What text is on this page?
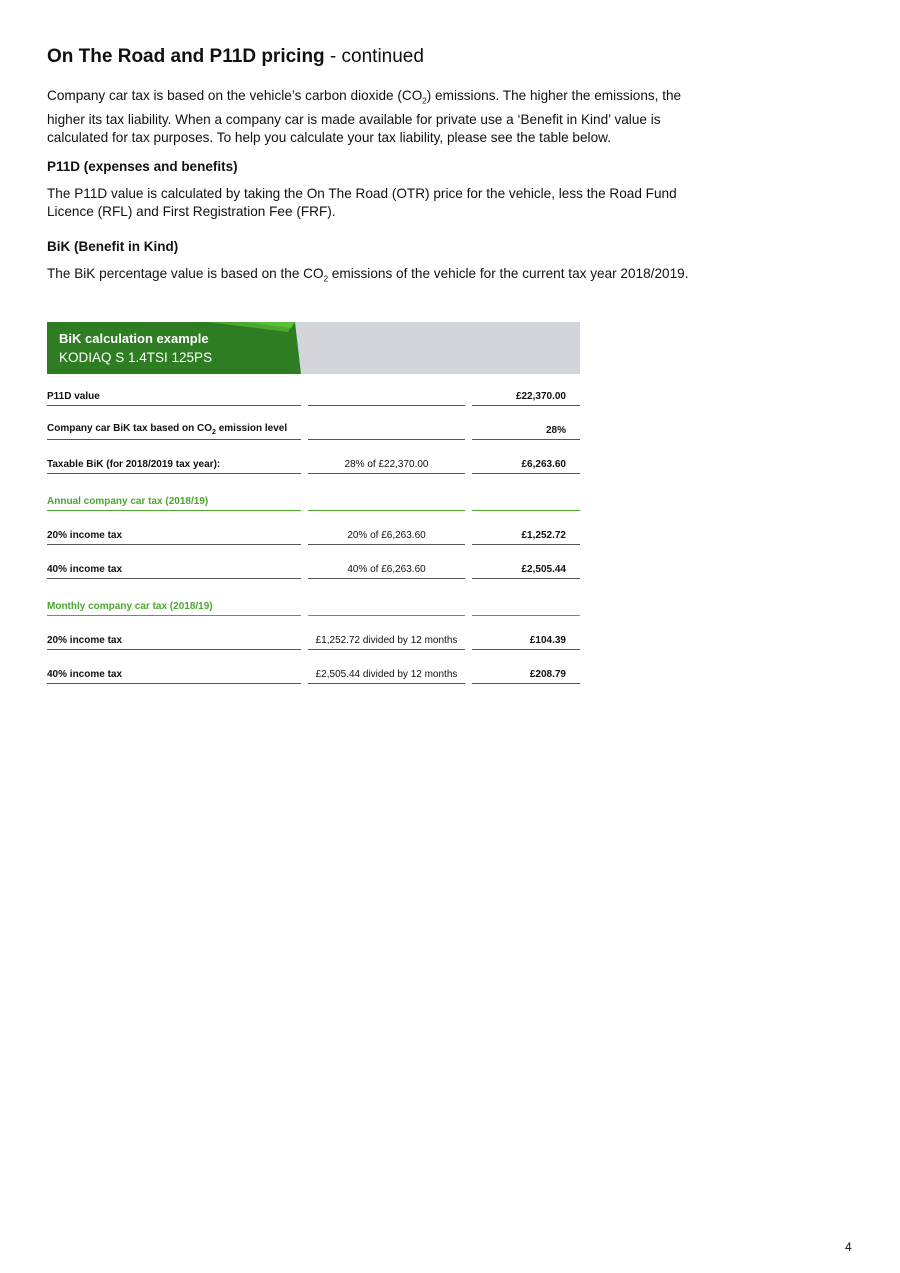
On The Road and P11D pricing - continued

Company car tax is based on the vehicle’s carbon dioxide $(CO_2)$ emissions. The higher the emissions, the higher its tax liability. When a company car is made available for private use a ‘Benefit in Kind’ value is calculated for tax purposes. To help you calculate your tax liability, please see the table below.

P11D (expenses and benefits)

The P11D value is calculated by taking the On The Road (OTR) price for the vehicle, less the Road Fund Licence (RFL) and First Registration Fee (FRF).

BiK (Benefit in Kind)

The BiK percentage value is based on the $CO_2$ emissions of the vehicle for the current tax year 2018/2019.

BiK calculation example
KODIAQ S 1.4TSI 125PS
P11D value		£22,370.00

Company car BiK tax based on $CO_2$ emission level		28%

Taxable BiK (for 2018/2019 tax year):	28% of £22,370.00	£6,263.60

Annual company car tax (2018/19)		

20% income tax	20% of £6,263.60	£1,252.72

40% income tax	40% of £6,263.60	£2,505.44

Monthly company car tax (2018/19)		

20% income tax	£1,252.72 divided by 12 months	£104.39

40% income tax	£2,505.44 divided by 12 months	£208.79
4
